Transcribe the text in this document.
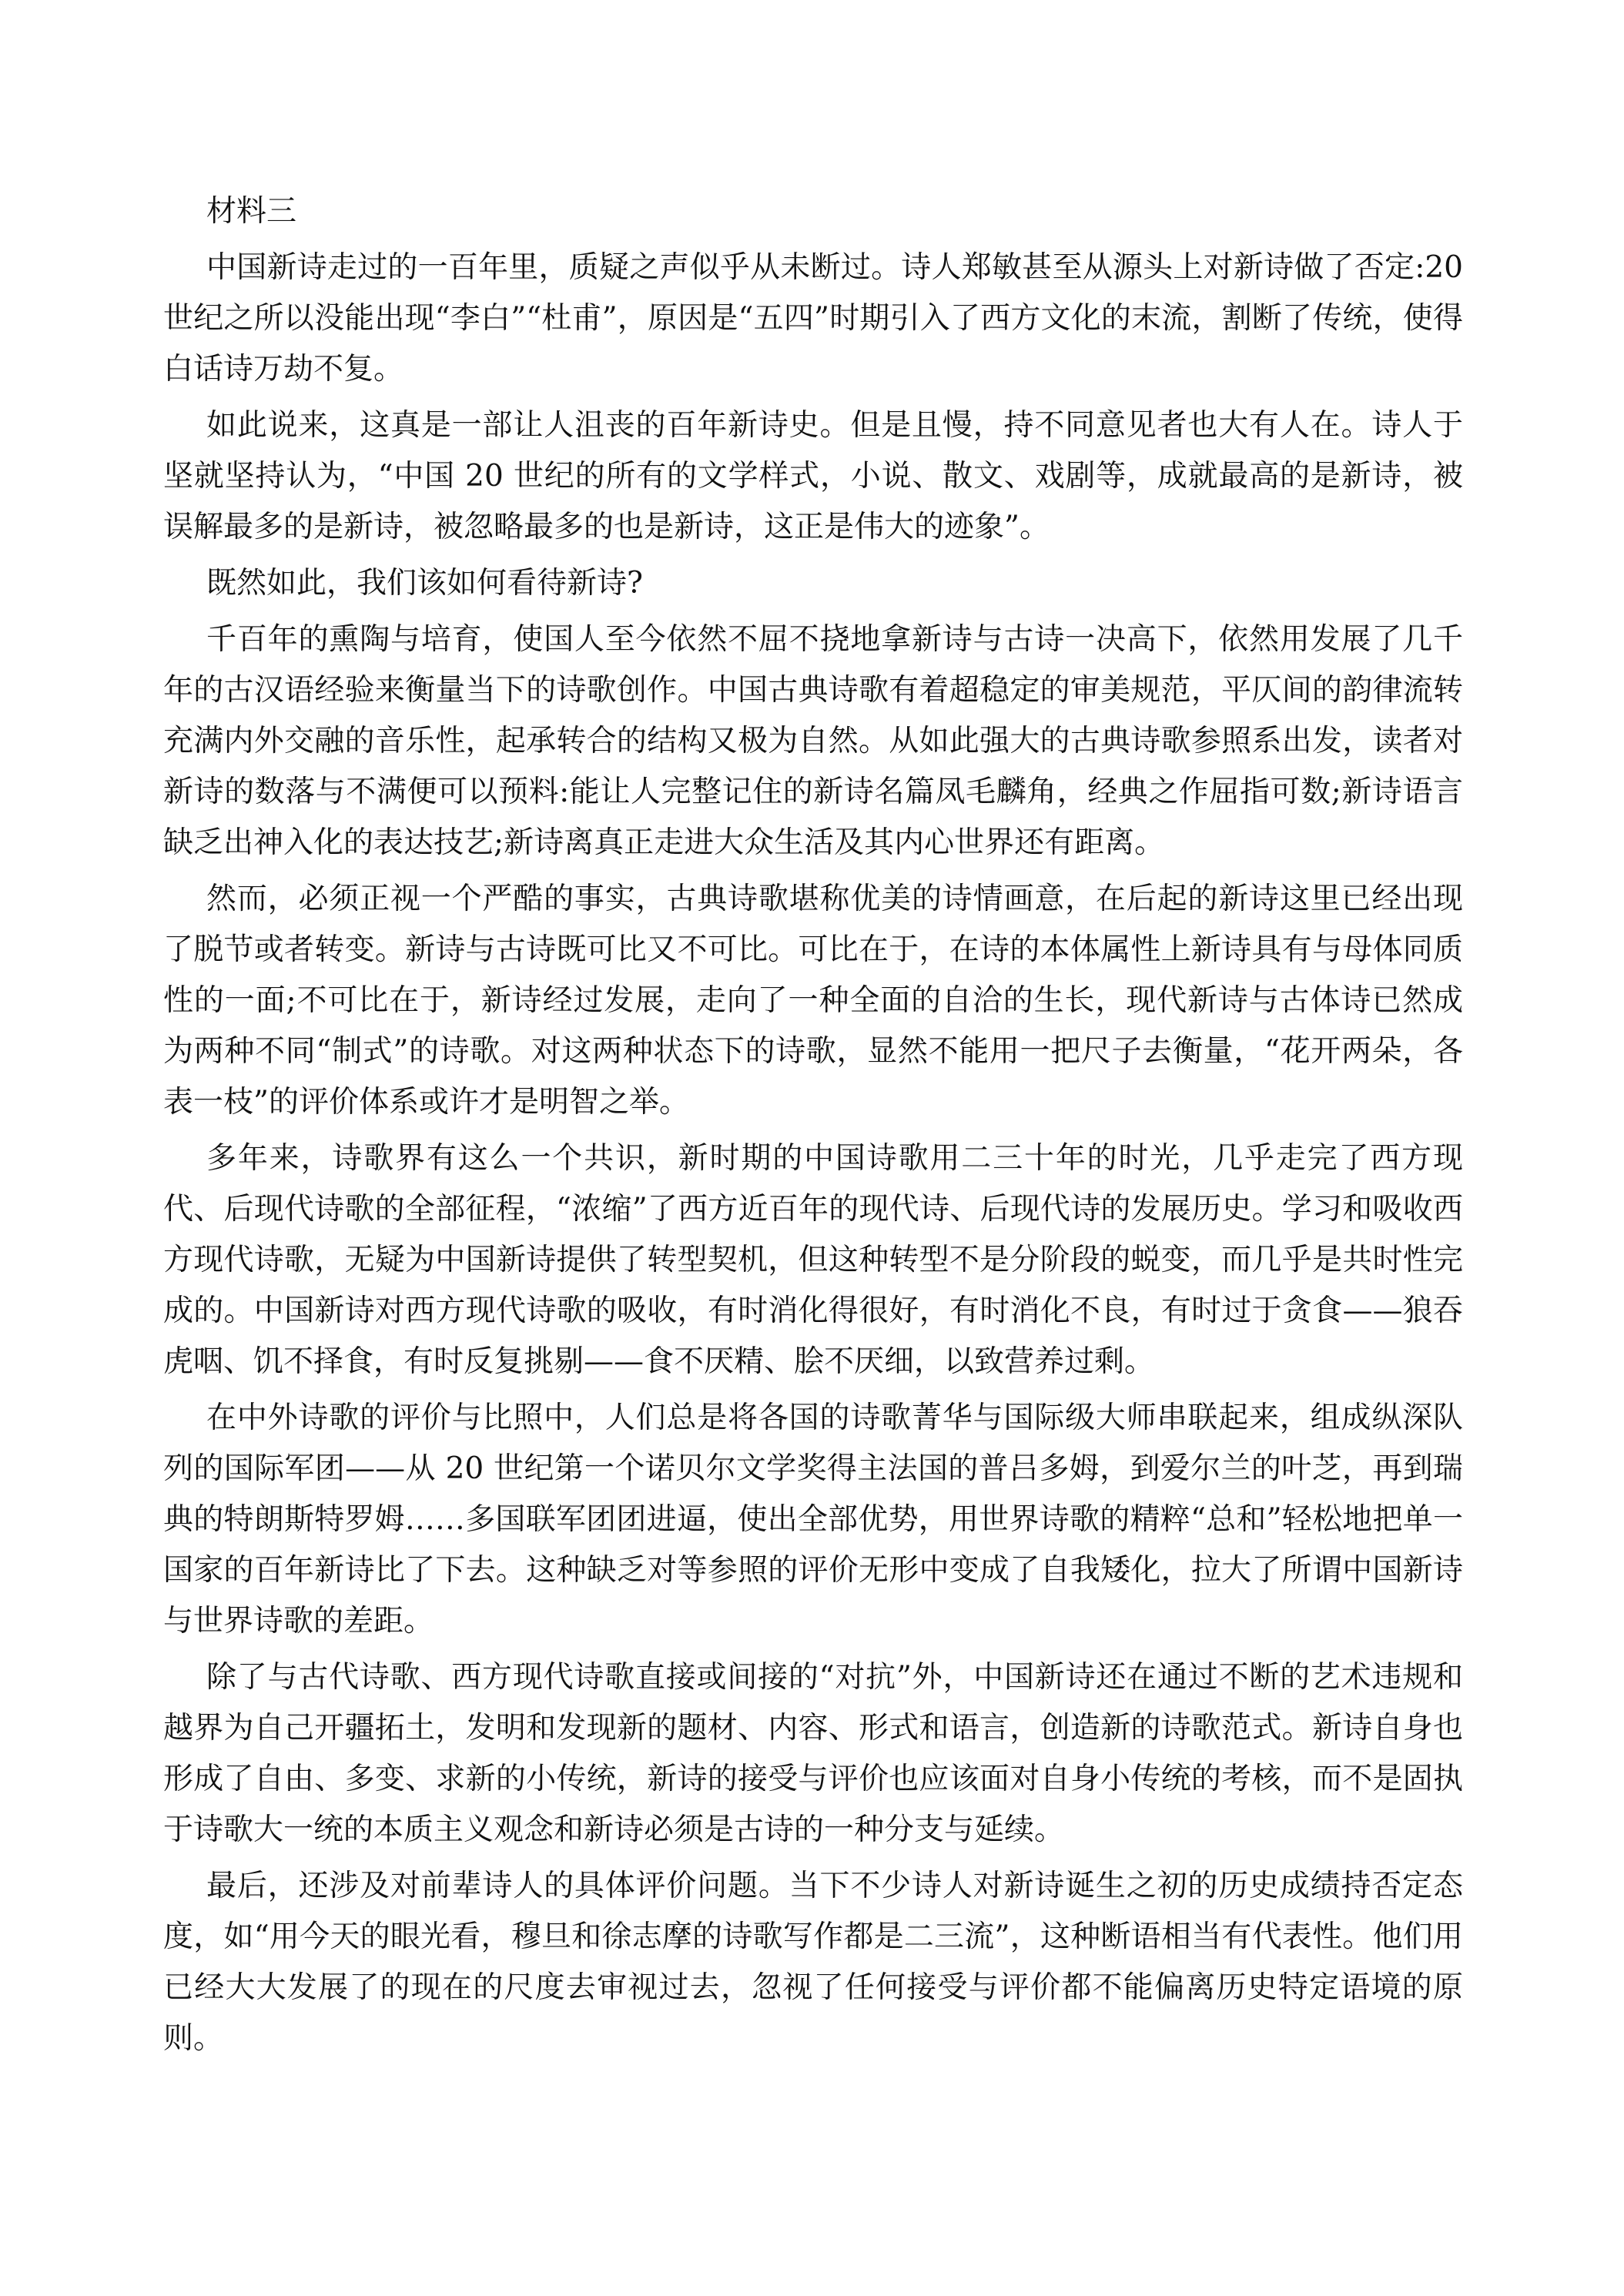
材料三

中国新诗走过的一百年里，质疑之声似乎从未断过。诗人郑敏甚至从源头上对新诗做了否定:20 世纪之所以没能出现“李白”“杜甫”，原因是“五四”时期引入了西方文化的末流，割断了传统，使得白话诗万劫不复。

如此说来，这真是一部让人沮丧的百年新诗史。但是且慢，持不同意见者也大有人在。诗人于坚就坚持认为，“中国 20 世纪的所有的文学样式，小说、散文、戏剧等，成就最高的是新诗，被误解最多的是新诗，被忽略最多的也是新诗，这正是伟大的迹象”。

既然如此，我们该如何看待新诗?

千百年的熏陶与培育，使国人至今依然不屈不挠地拿新诗与古诗一决高下，依然用发展了几千年的古汉语经验来衡量当下的诗歌创作。中国古典诗歌有着超稳定的审美规范，平仄间的韵律流转充满内外交融的音乐性，起承转合的结构又极为自然。从如此强大的古典诗歌参照系出发，读者对新诗的数落与不满便可以预料:能让人完整记住的新诗名篇凤毛麟角，经典之作屈指可数;新诗语言缺乏出神入化的表达技艺;新诗离真正走进大众生活及其内心世界还有距离。

然而，必须正视一个严酷的事实，古典诗歌堪称优美的诗情画意，在后起的新诗这里已经出现了脱节或者转变。新诗与古诗既可比又不可比。可比在于，在诗的本体属性上新诗具有与母体同质性的一面;不可比在于，新诗经过发展，走向了一种全面的自洽的生长，现代新诗与古体诗已然成为两种不同“制式”的诗歌。对这两种状态下的诗歌，显然不能用一把尺子去衡量，“花开两朵，各表一枝”的评价体系或许才是明智之举。

多年来，诗歌界有这么一个共识，新时期的中国诗歌用二三十年的时光，几乎走完了西方现代、后现代诗歌的全部征程，“浓缩”了西方近百年的现代诗、后现代诗的发展历史。学习和吸收西方现代诗歌，无疑为中国新诗提供了转型契机，但这种转型不是分阶段的蜕变，而几乎是共时性完成的。中国新诗对西方现代诗歌的吸收，有时消化得很好，有时消化不良，有时过于贪食——狼吞虎咽、饥不择食，有时反复挑剔——食不厌精、脍不厌细，以致营养过剩。

在中外诗歌的评价与比照中，人们总是将各国的诗歌菁华与国际级大师串联起来，组成纵深队列的国际军团——从 20 世纪第一个诺贝尔文学奖得主法国的普吕多姆，到爱尔兰的叶芝，再到瑞典的特朗斯特罗姆……多国联军团团进逼，使出全部优势，用世界诗歌的精粹“总和”轻松地把单一国家的百年新诗比了下去。这种缺乏对等参照的评价无形中变成了自我矮化，拉大了所谓中国新诗与世界诗歌的差距。

除了与古代诗歌、西方现代诗歌直接或间接的“对抗”外，中国新诗还在通过不断的艺术违规和越界为自己开疆拓土，发明和发现新的题材、内容、形式和语言，创造新的诗歌范式。新诗自身也形成了自由、多变、求新的小传统，新诗的接受与评价也应该面对自身小传统的考核，而不是固执于诗歌大一统的本质主义观念和新诗必须是古诗的一种分支与延续。

最后，还涉及对前辈诗人的具体评价问题。当下不少诗人对新诗诞生之初的历史成绩持否定态度，如“用今天的眼光看，穆旦和徐志摩的诗歌写作都是二三流”，这种断语相当有代表性。他们用已经大大发展了的现在的尺度去审视过去，忽视了任何接受与评价都不能偏离历史特定语境的原则。
